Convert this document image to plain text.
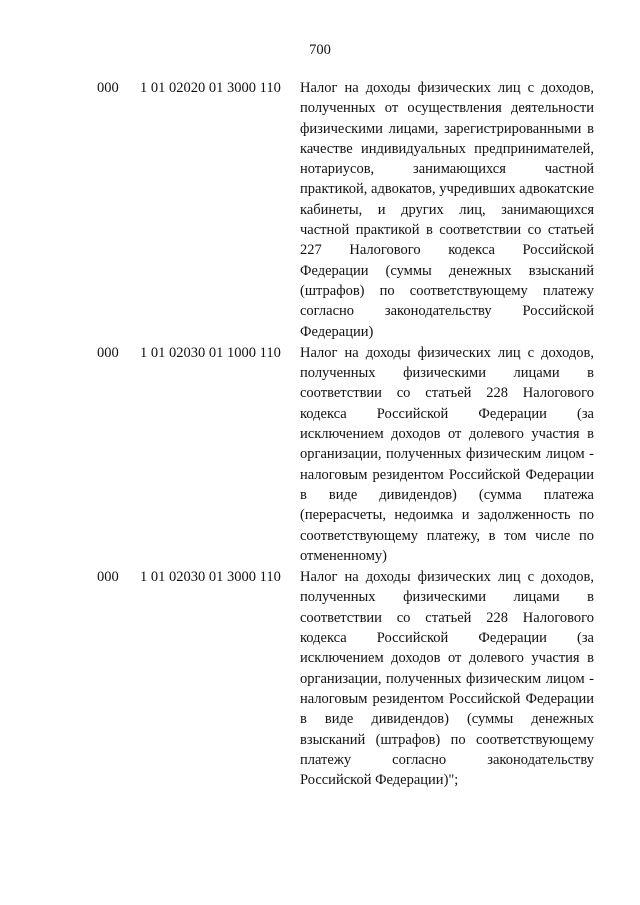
700
000 1 01 02020 01 3000 110 Налог на доходы физических лиц с доходов, полученных от осуществления деятельности физическими лицами, зарегистрированными в качестве индивидуальных предпринимателей, нотариусов, занимающихся частной практикой, адвокатов, учредивших адвокатские кабинеты, и других лиц, занимающихся частной практикой в соответствии со статьей 227 Налогового кодекса Российской Федерации (суммы денежных взысканий (штрафов) по соответствующему платежу согласно законодательству Российской Федерации)
000 1 01 02030 01 1000 110 Налог на доходы физических лиц с доходов, полученных физическими лицами в соответствии со статьей 228 Налогового кодекса Российской Федерации (за исключением доходов от долевого участия в организации, полученных физическим лицом - налоговым резидентом Российской Федерации в виде дивидендов) (сумма платежа (перерасчеты, недоимка и задолженность по соответствующему платежу, в том числе по отмененному)
000 1 01 02030 01 3000 110 Налог на доходы физических лиц с доходов, полученных физическими лицами в соответствии со статьей 228 Налогового кодекса Российской Федерации (за исключением доходов от долевого участия в организации, полученных физическим лицом - налоговым резидентом Российской Федерации в виде дивидендов) (суммы денежных взысканий (штрафов) по соответствующему платежу согласно законодательству Российской Федерации)";
